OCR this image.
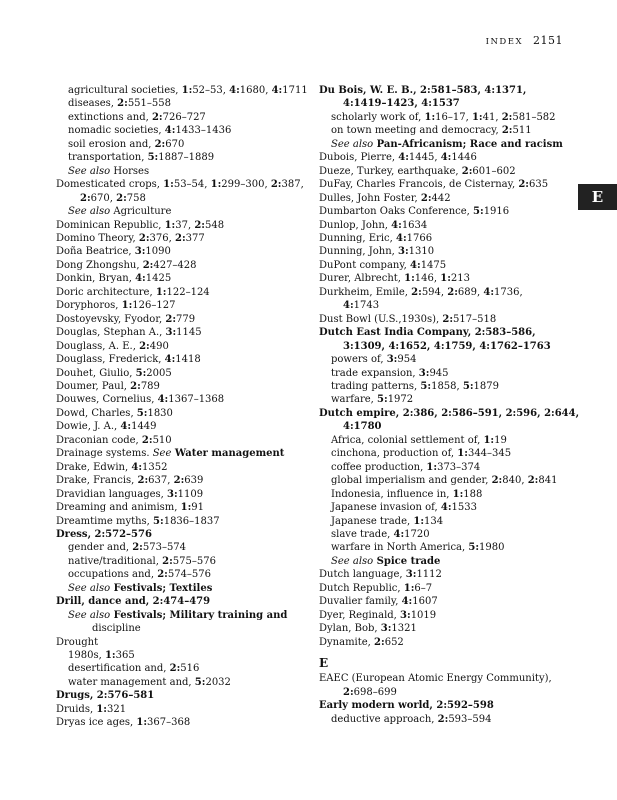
INDEX 2151
E
agricultural societies, 1:52–53, 4:1680, 4:1711
diseases, 2:551–558
extinctions and, 2:726–727
nomadic societies, 4:1433–1436
soil erosion and, 2:670
transportation, 5:1887–1889
See also Horses
Domesticated crops, 1:53–54, 1:299–300, 2:387,
2:670, 2:758
See also Agriculture
Dominican Republic, 1:37, 2:548
Domino Theory, 2:376, 2:377
Doña Beatrice, 3:1090
Dong Zhongshu, 2:427–428
Donkin, Bryan, 4:1425
Doric architecture, 1:122–124
Doryphoros, 1:126–127
Dostoyevsky, Fyodor, 2:779
Douglas, Stephan A., 3:1145
Douglass, A. E., 2:490
Douglass, Frederick, 4:1418
Douhet, Giulio, 5:2005
Doumer, Paul, 2:789
Douwes, Cornelius, 4:1367–1368
Dowd, Charles, 5:1830
Dowie, J. A., 4:1449
Draconian code, 2:510
Drainage systems. See Water management
Drake, Edwin, 4:1352
Drake, Francis, 2:637, 2:639
Dravidian languages, 3:1109
Dreaming and animism, 1:91
Dreamtime myths, 5:1836–1837
Dress, 2:572–576
gender and, 2:573–574
native/traditional, 2:575–576
occupations and, 2:574–576
See also Festivals; Textiles
Drill, dance and, 2:474–479
See also Festivals; Military training and
discipline
Drought
1980s, 1:365
desertification and, 2:516
water management and, 5:2032
Drugs, 2:576–581
Druids, 1:321
Dryas ice ages, 1:367–368
Du Bois, W. E. B., 2:581–583, 4:1371,
4:1419–1423, 4:1537
scholarly work of, 1:16–17, 1:41, 2:581–582
on town meeting and democracy, 2:511
See also Pan-Africanism; Race and racism
Dubois, Pierre, 4:1445, 4:1446
Dueze, Turkey, earthquake, 2:601–602
DuFay, Charles Francois, de Cisternay, 2:635
Dulles, John Foster, 2:442
Dumbarton Oaks Conference, 5:1916
Dunlop, John, 4:1634
Dunning, Eric, 4:1766
Dunning, John, 3:1310
DuPont company, 4:1475
Durer, Albrecht, 1:146, 1:213
Durkheim, Emile, 2:594, 2:689, 4:1736,
4:1743
Dust Bowl (U.S.,1930s), 2:517–518
Dutch East India Company, 2:583–586,
3:1309, 4:1652, 4:1759, 4:1762–1763
powers of, 3:954
trade expansion, 3:945
trading patterns, 5:1858, 5:1879
warfare, 5:1972
Dutch empire, 2:386, 2:586–591, 2:596, 2:644,
4:1780
Africa, colonial settlement of, 1:19
cinchona, production of, 1:344–345
coffee production, 1:373–374
global imperialism and gender, 2:840, 2:841
Indonesia, influence in, 1:188
Japanese invasion of, 4:1533
Japanese trade, 1:134
slave trade, 4:1720
warfare in North America, 5:1980
See also Spice trade
Dutch language, 3:1112
Dutch Republic, 1:6–7
Duvalier family, 4:1607
Dyer, Reginald, 3:1019
Dylan, Bob, 3:1321
Dynamite, 2:652
E
EAEC (European Atomic Energy Community),
2:698–699
Early modern world, 2:592–598
deductive approach, 2:593–594
